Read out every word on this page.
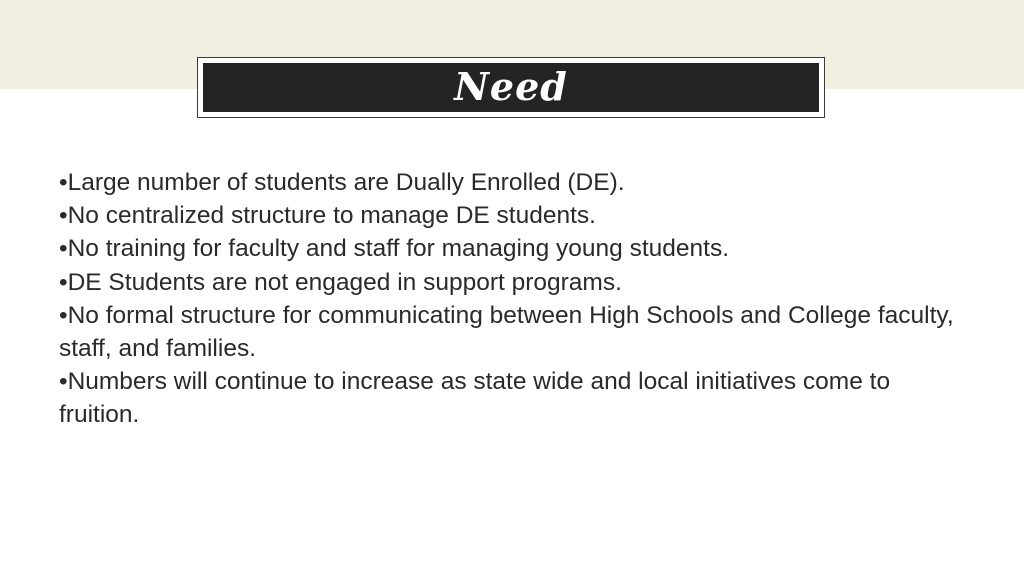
Need
•Large number of students are Dually Enrolled (DE).
•No centralized structure to manage DE students.
•No training for faculty and staff for managing young students.
•DE Students are not engaged in support programs.
•No formal structure for communicating between High Schools and College faculty, staff, and families.
•Numbers will continue to increase as state wide and local initiatives come to fruition.
